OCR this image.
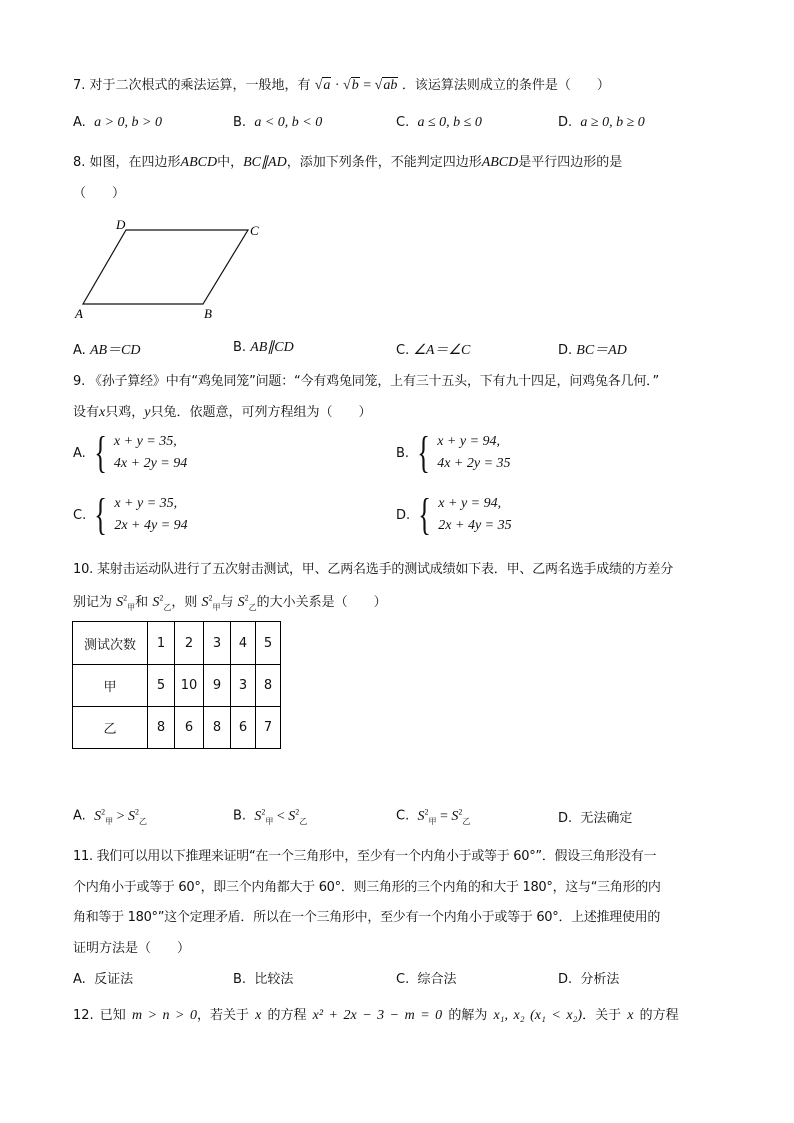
7. 对于二次根式的乘法运算，一般地，有 √a · √b = √ab ．该运算法则成立的条件是（　　）
A. a > 0, b > 0	B. a < 0, b < 0	C. a ≤ 0, b ≤ 0	D. a ≥ 0, b ≥ 0
8. 如图，在四边形ABCD中，BC∥AD，添加下列条件，不能判定四边形ABCD是平行四边形的是
（　　）
D	C
A	B
A. AB＝CD	B. AB∥CD	C. ∠A＝∠C	D. BC＝AD
9. 《孙子算经》中有“鸡兔同笼”问题：“今有鸡兔同笼，上有三十五头，下有九十四足，问鸡兔各几何．”
设有x只鸡，y只兔．依题意，可列方程组为（　　）
A. { x + y = 35,
4x + 2y = 94
B. { x + y = 94,
4x + 2y = 35
C. { x + y = 35,
2x + 4y = 94
D. { x + y = 94,
2x + 4y = 35
10. 某射击运动队进行了五次射击测试，甲、乙两名选手的测试成绩如下表．甲、乙两名选手成绩的方差分
别记为 $S^2_甲$和 $S^2_乙$，则 $S^2_甲$与 $S^2_乙$的大小关系是（　　）
测试次数	1	2	3	4	5
甲	5	10	9	3	8
乙	8	6	8	6	7
A. $S^2_甲 > S^2_乙$	B. $S^2_甲 < S^2_乙$	C. $S^2_甲 = S^2_乙$	D. 无法确定
11. 我们可以用以下推理来证明“在一个三角形中，至少有一个内角小于或等于 60°”．假设三角形没有一
个内角小于或等于 60°，即三个内角都大于 60°．则三角形的三个内角的和大于 180°，这与“三角形的内
角和等于 180°”这个定理矛盾．所以在一个三角形中，至少有一个内角小于或等于 60°．上述推理使用的
证明方法是（　　）
A. 反证法	B. 比较法	C. 综合法	D. 分析法
12. 已知 m > n > 0，若关于 x 的方程 x² + 2x − 3 − m = 0 的解为 x₁, x₂ (x₁ < x₂)．关于 x 的方程
